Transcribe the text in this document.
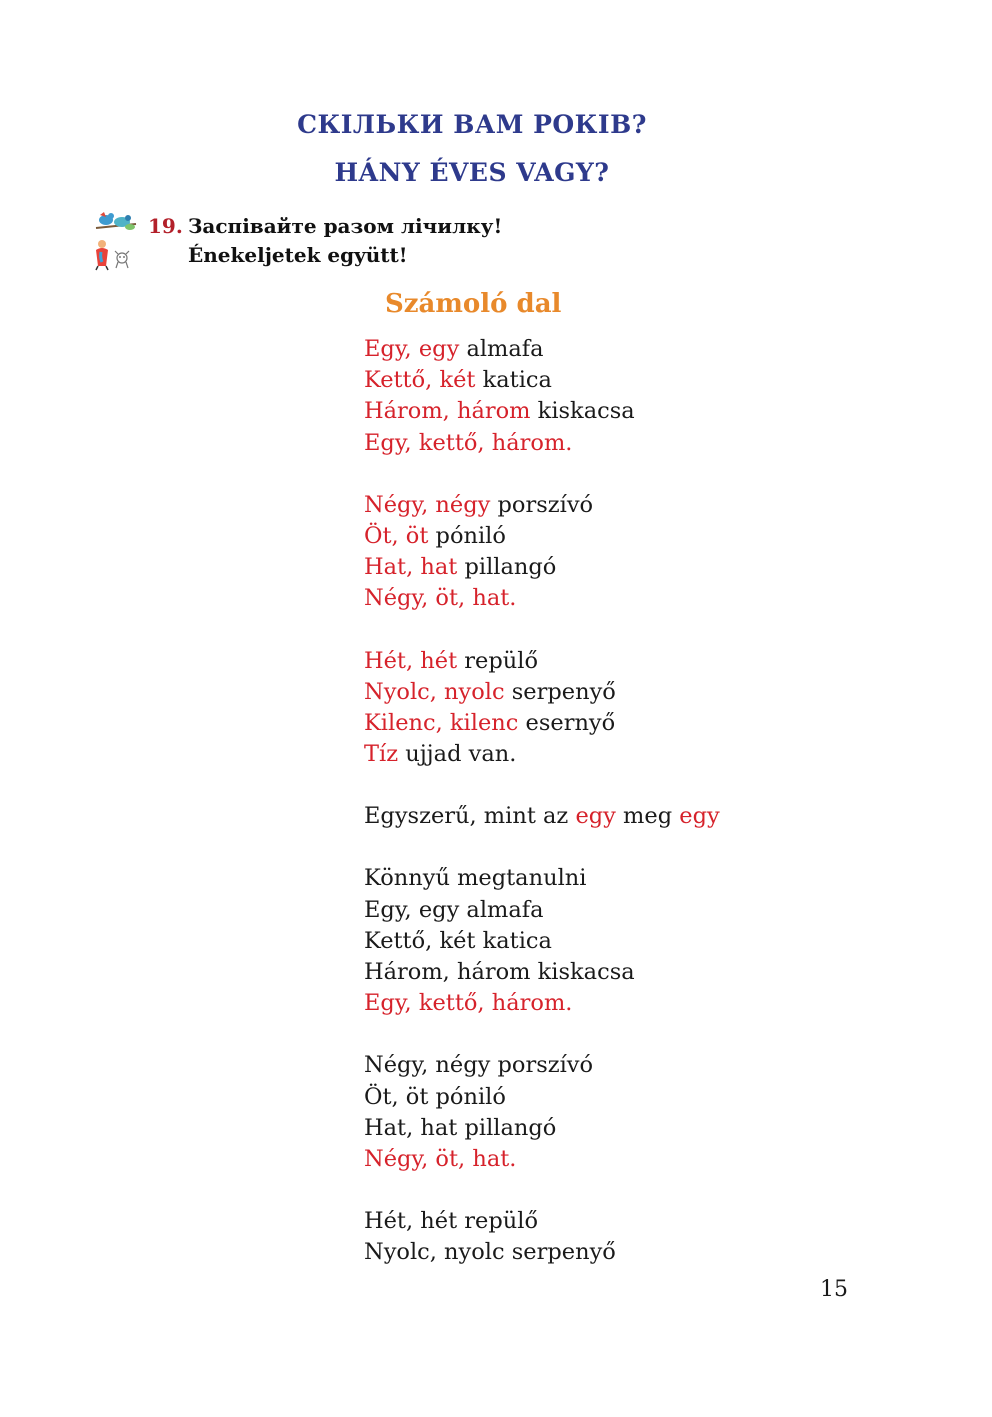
СКІЛЬКИ ВАМ РОКІВ?
HÁNY ÉVES VAGY?
19. Заспівайте разом лічилку!
Énekeljetek együtt!
Számoló dal
Egy, egy almafa
Kettő, két katica
Három, három kiskacsa
Egy, kettő, három.
Négy, négy porszívó
Öt, öt póniló
Hat, hat pillangó
Négy, öt, hat.
Hét, hét repülő
Nyolc, nyolc serpenyő
Kilenc, kilenc esernyő
Tíz ujjad van.
Egyszerű, mint az egy meg egy
Könnyű megtanulni
Egy, egy almafa
Kettő, két katica
Három, három kiskacsa
Egy, kettő, három.
Négy, négy porszívó
Öt, öt póniló
Hat, hat pillangó
Négy, öt, hat.
Hét, hét repülő
Nyolc, nyolc serpenyő
15
